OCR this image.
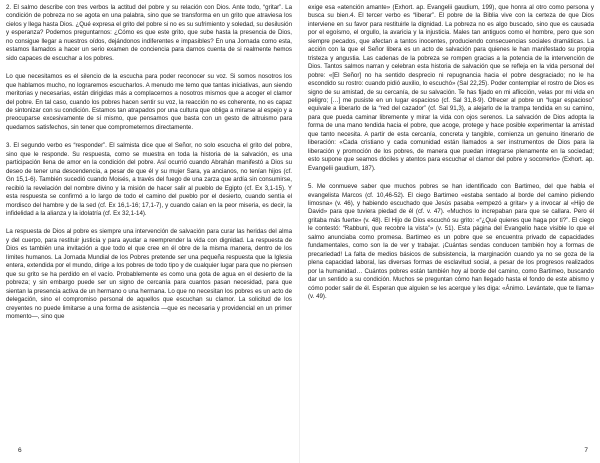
2. El salmo describe con tres verbos la actitud del pobre y su relación con Dios. Ante todo, “gritar”. La condición de pobreza no se agota en una palabra, sino que se transforma en un grito que atraviesa los cielos y llega hasta Dios. ¿Qué expresa el grito del pobre si no es su sufrimiento y soledad, su desilusión y esperanza? Podemos preguntarnos: ¿Cómo es que este grito, que sube hasta la presencia de Dios, no consigue llegar a nuestros oídos, dejándonos indiferentes e impasibles? En una Jornada como esta, estamos llamados a hacer un serio examen de conciencia para darnos cuenta de si realmente hemos sido capaces de escuchar a los pobres.

Lo que necesitamos es el silencio de la escucha para poder reconocer su voz. Si somos nosotros los que hablamos mucho, no lograremos escucharlos. A menudo me temo que tantas iniciativas, aun siendo meritorias y necesarias, están dirigidas más a complacernos a nosotros mismos que a acoger el clamor del pobre. En tal caso, cuando los pobres hacen sentir su voz, la reacción no es coherente, no es capaz de sintonizar con su condición. Estamos tan atrapados por una cultura que obliga a mirarse al espejo y a preocuparse excesivamente de sí mismo, que pensamos que basta con un gesto de altruismo para quedarnos satisfechos, sin tener que comprometernos directamente.

3. El segundo verbo es “responder”. El salmista dice que el Señor, no solo escucha el grito del pobre, sino que le responde. Su respuesta, como se muestra en toda la historia de la salvación, es una participación llena de amor en la condición del pobre. Así ocurrió cuando Abrahán manifestó a Dios su deseo de tener una descendencia, a pesar de que él y su mujer Sara, ya ancianos, no tenían hijos (cf. Gn 15,1-6). También sucedió cuando Moisés, a través del fuego de una zarza que ardía sin consumirse, recibió la revelación del nombre divino y la misión de hacer salir al pueblo de Egipto (cf. Ex 3,1-15). Y esta respuesta se confirmó a lo largo de todo el camino del pueblo por el desierto, cuando sentía el mordisco del hambre y de la sed (cf. Ex 16,1-16; 17,1-7), y cuando caían en la peor miseria, es decir, la infidelidad a la alianza y la idolatría (cf. Ex 32,1-14).

La respuesta de Dios al pobre es siempre una intervención de salvación para curar las heridas del alma y del cuerpo, para restituir justicia y para ayudar a reemprender la vida con dignidad. La respuesta de Dios es también una invitación a que todo el que cree en él obre de la misma manera, dentro de los límites humanos. La Jornada Mundial de los Pobres pretende ser una pequeña respuesta que la Iglesia entera, extendida por el mundo, dirige a los pobres de todo tipo y de cualquier lugar para que no piensen que su grito se ha perdido en el vacío. Probablemente es como una gota de agua en el desierto de la pobreza; y sin embargo puede ser un signo de cercanía para cuantos pasan necesidad, para que sientan la presencia activa de un hermano o una hermana. Lo que no necesitan los pobres es un acto de delegación, sino el compromiso personal de aquellos que escuchan su clamor. La solicitud de los creyentes no puede limitarse a una forma de asistencia —que es necesaria y providencial en un primer momento—, sino que

6

exige esa «atención amante» (Exhort. ap. Evangelii gaudium, 199), que honra al otro como persona y busca su bien.4. El tercer verbo es “liberar”. El pobre de la Biblia vive con la certeza de que Dios interviene en su favor para restituirle la dignidad. La pobreza no es algo buscado, sino que es causada por el egoísmo, el orgullo, la avaricia y la injusticia. Males tan antiguos como el hombre, pero que son siempre pecados, que afectan a tantos inocentes, produciendo consecuencias sociales dramáticas. La acción con la que el Señor libera es un acto de salvación para quienes le han manifestado su propia tristeza y angustia. Las cadenas de la pobreza se rompen gracias a la potencia de la intervención de Dios. Tantos salmos narran y celebran esta historia de salvación que se refleja en la vida personal del pobre: «[El Señor] no ha sentido desprecio ni repugnancia hacia el pobre desgraciado; no le ha escondido su rostro: cuando pidió auxilio, lo escuchó» (Sal 22,25). Poder contemplar el rostro de Dios es signo de su amistad, de su cercanía, de su salvación. Te has fijado en mi aflicción, velas por mi vida en peligro; […] me pusiste en un lugar espacioso (cf. Sal 31,8-9). Ofrecer al pobre un “lugar espacioso” equivale a liberarlo de la “red del cazador” (cf. Sal 91,3), a alejarlo de la trampa tendida en su camino, para que pueda caminar libremente y mirar la vida con ojos serenos. La salvación de Dios adopta la forma de una mano tendida hacia el pobre, que acoge, protege y hace posible experimentar la amistad que tanto necesita. A partir de esta cercanía, concreta y tangible, comienza un genuino itinerario de liberación: «Cada cristiano y cada comunidad están llamados a ser instrumentos de Dios para la liberación y promoción de los pobres, de manera que puedan integrarse plenamente en la sociedad; esto supone que seamos dóciles y atentos para escuchar el clamor del pobre y socorrerlo» (Exhort. ap. Evangelii gaudium, 187).

5. Me conmueve saber que muchos pobres se han identificado con Bartimeo, del que habla el evangelista Marcos (cf. 10,46-52). El ciego Bartimeo «estaba sentado al borde del camino pidiendo limosna» (v. 46), y habiendo escuchado que Jesús pasaba «empezó a gritar» y a invocar al «Hijo de David» para que tuviera piedad de él (cf. v. 47). «Muchos lo increpaban para que se callara. Pero él gritaba más fuerte» (v. 48). El Hijo de Dios escuchó su grito: «“¿Qué quieres que haga por ti?”. El ciego le contestó: “Rabbuni, que recobre la vista”» (v. 51). Esta página del Evangelio hace visible lo que el salmo anunciaba como promesa. Bartimeo es un pobre que se encuentra privado de capacidades fundamentales, como son la de ver y trabajar. ¡Cuántas sendas conducen también hoy a formas de precariedad! La falta de medios básicos de subsistencia, la marginación cuando ya no se goza de la plena capacidad laboral, las diversas formas de esclavitud social, a pesar de los progresos realizados por la humanidad… Cuántos pobres están también hoy al borde del camino, como Bartimeo, buscando dar un sentido a su condición. Muchos se preguntan cómo han llegado hasta el fondo de este abismo y cómo poder salir de él. Esperan que alguien se les acerque y les diga: «Ánimo. Levántate, que te llama» (v. 49).

7
